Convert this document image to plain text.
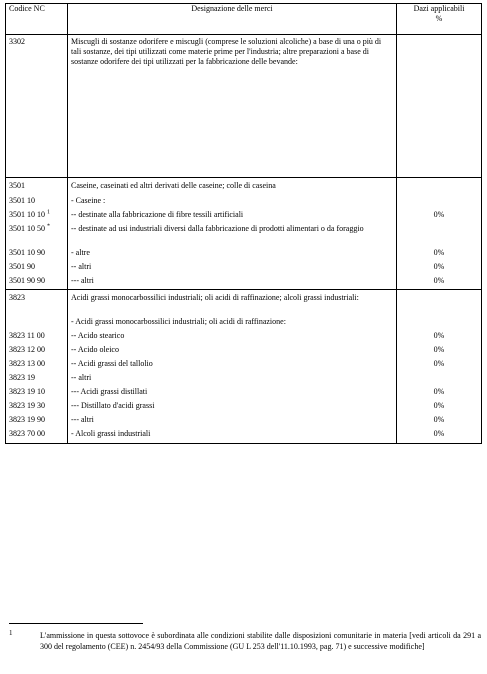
Codice NC	Designazione delle merci	Dazi applicabili
%
3302	Miscugli di sostanze odorifere e miscugli (comprese le soluzioni alcoliche) a base di una o più di tali sostanze, dei tipi utilizzati come materie prime per l'industria; altre preparazioni a base di sostanze odorifere dei tipi utilizzati per la fabbricazione delle bevande:	
3501	Caseine, caseinati ed altri derivati delle caseine; colle di caseina	
3501 10	- Caseine :	
3501 10 10 $^1$	-- destinate alla fabbricazione di fibre tessili artificiali	0%
3501 10 50 *	-- destinate ad usi industriali diversi dalla fabbricazione di prodotti alimentari o da foraggio	
3501 10 90	- altre	0%
3501 90	-- altri	0%
3501 90 90	--- altri	0%
3823	Acidi grassi monocarbossilici industriali; oli acidi di raffinazione; alcoli grassi industriali:	
	- Acidi grassi monocarbossilici industriali; oli acidi di raffinazione:	
3823 11 00	-- Acido stearico	0%
3823 12 00	-- Acido oleico	0%
3823 13 00	-- Acidi grassi del tallolio	0%
3823 19	-- altri	
3823 19 10	--- Acidi grassi distillati	0%
3823 19 30	--- Distillato d'acidi grassi	0%
3823 19 90	--- altri	0%
3823 70 00	- Alcoli grassi industriali	0%
1	L'ammissione in questa sottovoce è subordinata alle condizioni stabilite dalle disposizioni comunitarie in materia [vedi articoli da 291 a 300 del regolamento (CEE) n. 2454/93 della Commissione (GU L 253 dell'11.10.1993, pag. 71) e successive modifiche]
